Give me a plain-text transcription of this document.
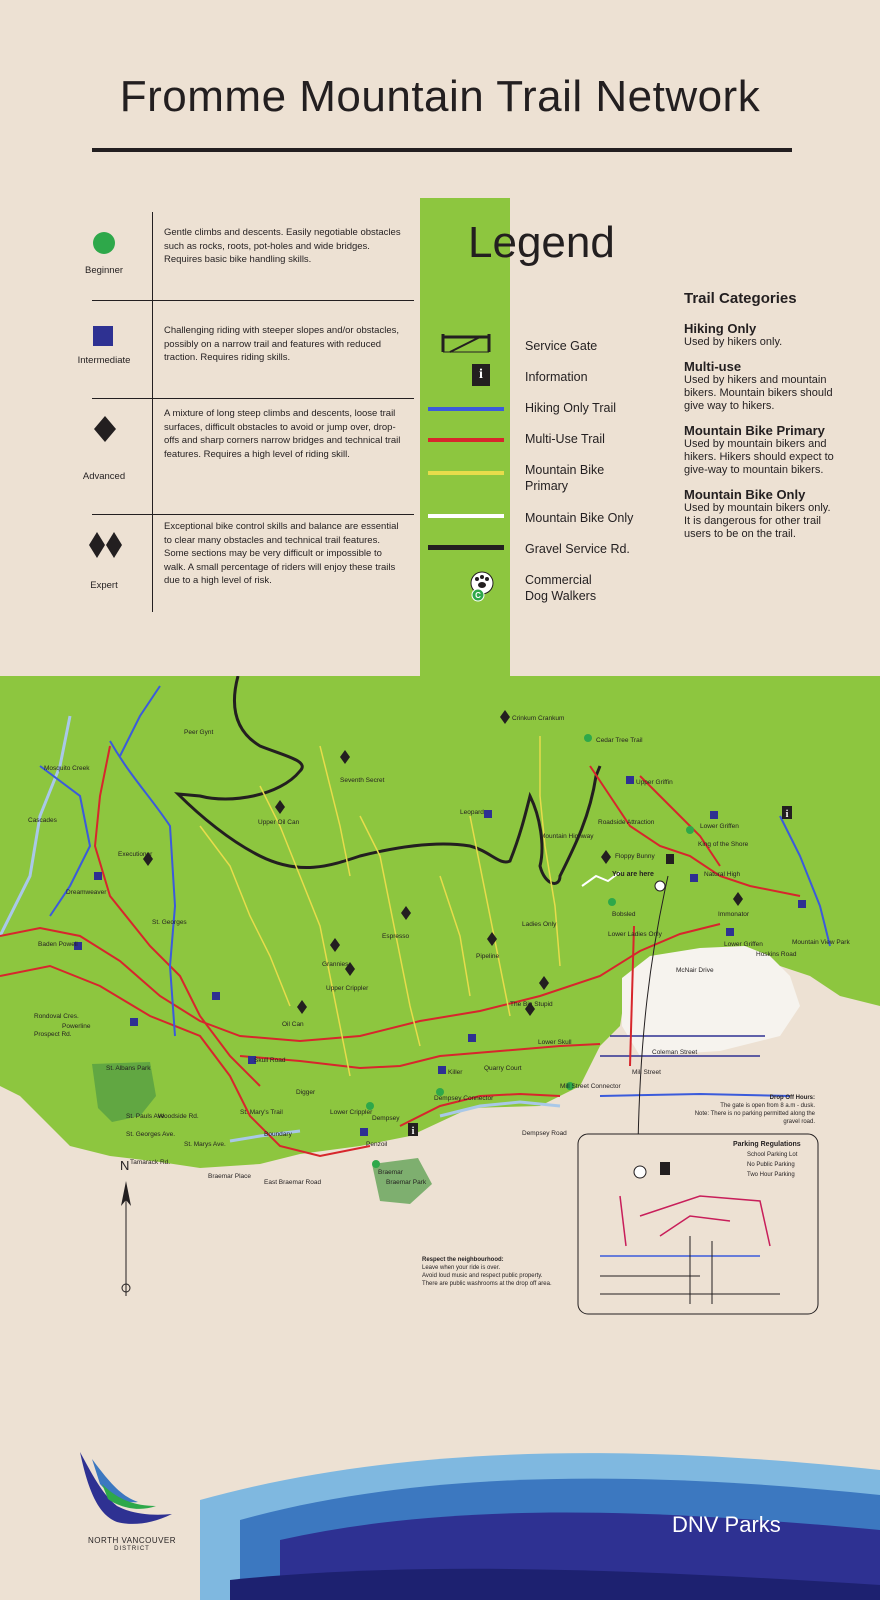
Fromme Mountain Trail Network
Legend
Beginner
Gentle climbs and descents. Easily negotiable obstacles such as rocks, roots, pot-holes and wide bridges. Requires basic bike handling skills.
Intermediate
Challenging riding with steeper slopes and/or obstacles, possibly on a narrow trail and features with reduced traction. Requires riding skills.
Advanced
A mixture of long steep climbs and descents, loose trail surfaces, difficult obstacles to avoid or jump over, drop-offs and sharp corners narrow bridges and technical trail features. Requires a high level of riding skill.
Expert
Exceptional bike control skills and balance are essential to clear many obstacles and technical trail features. Some sections may be very difficult or impossible to walk. A small percentage of riders will enjoy these trails due to a high level of risk.
Service Gate
i	Information
Hiking Only Trail
Multi-Use Trail
Mountain Bike Primary
Mountain Bike Only
Gravel Service Rd.
C
Commercial Dog Walkers
Trail Categories
Hiking Only
Used by hikers only.
Multi-use
Used by hikers and mountain bikers. Mountain bikers should give way to hikers.
Mountain Bike Primary
Used by mountain bikers and hikers. Hikers should expect to give-way to mountain bikers.
Mountain Bike Only
Used by mountain bikers only. It is dangerous for other trail users to be on the trail.
i
i
Crinkum Crankum
Cedar Tree Trail
Peer Gynt
Seventh Secret	Upper Griffin
Mosquito Creek
Upper Oil Can
Leopard
Roadside Attraction
Lower Griffen
King of the Shore
Cascades
Mountain Highway
Executioner	Floppy Bunny
You are here	Natural High
Dreamweaver
Ladies Only
Bobsled
Baden Powell
Immonator
St. Georges
Espresso
Lower Griffen	Mountain View Park
Pipeline
Grannies
Upper Crippler
Lower Ladies Only
Hoskins Road
McNair Drive
The Big Stupid
Oil Can
Powerline
Lower Skull
Skull Road
Quarry Court
Coleman Street
Mill Street
St. Albans Park
Digger
Killer
Mill Street Connector
Dempsey Connector
St. Mary's Trail
Boundary
Lower Crippler
Dempsey
Dempsey Road
Penzoil
Braemar
East Braemar Road
Braemar Place
Braemar Park
Rondoval Cres.
Prospect Rd.
St. Pauls Ave.
Woodside Rd.
St. Georges Ave.
St. Marys Ave.
Tamarack Rd.
N
Drop Off Hours:
The gate is open from 8 a.m - dusk.
Note: There is no parking permitted along the gravel road.
Parking Regulations
School Parking Lot
No Public Parking
Two Hour Parking
Respect the neighbourhood:
Leave when your ride is over.
Avoid loud music and respect public property.
There are public washrooms at the drop off area.
DNV Parks
NORTH VANCOUVER
DISTRICT
